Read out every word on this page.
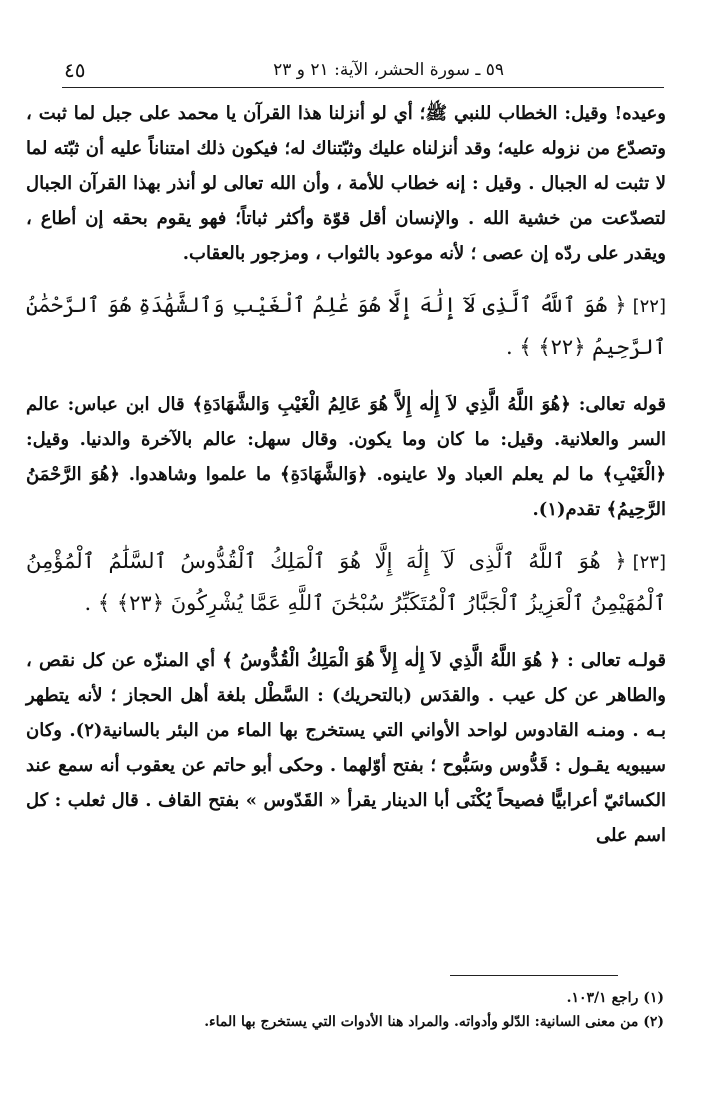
٥٩ ـ سورة الحشر، الآية: ٢١ و ٢٣
٤٥

وعيده! وقيل: الخطاب للنبي ﷺ؛ أي لو أنزلنا هذا القرآن يا محمد على جبل لما ثبت ، وتصدّع من نزوله عليه؛ وقد أنزلناه عليك وثبّتناك له؛ فيكون ذلك امتناناً عليه أن ثبّته لما لا تثبت له الجبال . وقيل : إنه خطاب للأمة ، وأن الله تعالى لو أنذر بهذا القرآن الجبال لتصدّعت من خشية الله . والإنسان أقل قوّة وأكثر ثباتاً؛ فهو يقوم بحقه إن أطاع ، ويقدر على ردّه إن عصى ؛ لأنه موعود بالثواب ، ومزجور بالعقاب.

[٢٢]﴿ هُوَ ٱللَّهُ ٱلَّذِى لَآ إِلَٰهَ إِلَّا هُوَ عَٰلِمُ ٱلْغَيْبِ وَٱلشَّهَٰدَةِ هُوَ ٱلرَّحْمَٰنُ ٱلرَّحِيمُ ﴿٢٢﴾ ﴾ .

قوله تعالى: ﴿هُوَ اللَّهُ الَّذِي لاَ إِلٰه إِلاَّ هُوَ عَالِمُ الْغَيْبِ وَالشَّهَادَةِ﴾ قال ابن عباس: عالم السر والعلانية. وقيل: ما كان وما يكون. وقال سهل: عالم بالآخرة والدنيا. وقيل: ﴿الْغَيْبِ﴾ ما لم يعلم العباد ولا عاينوه. ﴿وَالشَّهَادَةِ﴾ ما علموا وشاهدوا. ﴿هُوَ الرَّحْمَنُ الرَّحِيمُ﴾ تقدم(١).

[٢٣]﴿ هُوَ ٱللَّهُ ٱلَّذِى لَآ إِلَٰهَ إِلَّا هُوَ ٱلْمَلِكُ ٱلْقُدُّوسُ ٱلسَّلَٰمُ ٱلْمُؤْمِنُ ٱلْمُهَيْمِنُ ٱلْعَزِيزُ ٱلْجَبَّارُ ٱلْمُتَكَبِّرُ سُبْحَٰنَ ٱللَّهِ عَمَّا يُشْرِكُونَ ﴿٢٣﴾ ﴾ .

قولـه تعالى : ﴿ هُوَ اللَّهُ الَّذِي لاَ إِلٰه إِلاَّ هُوَ الْمَلِكُ الْقُدُّوسُ ﴾ أي المنزّه عن كل نقص ، والطاهر عن كل عيب . والقدَس (بالتحريك) : السَّطْل بلغة أهل الحجاز ؛ لأنه يتطهر بـه . ومنـه القادوس لواحد الأواني التي يستخرج بها الماء من البئر بالسانية(٢). وكان سيبويه يقـول : قَدُّوس وسَبُّوح ؛ بفتح أوّلهما . وحكى أبو حاتم عن يعقوب أنه سمع عند الكسائيّ أعرابيًّا فصيحاً يُكْنَى أبا الدينار يقرأ « القَدّوس » بفتح القاف . قال ثعلب : كل اسم على

(١) راجع ١٠٣/١.
(٢) من معنى السانية: الدّلو وأدواته. والمراد هنا الأدوات التي يستخرج بها الماء.
